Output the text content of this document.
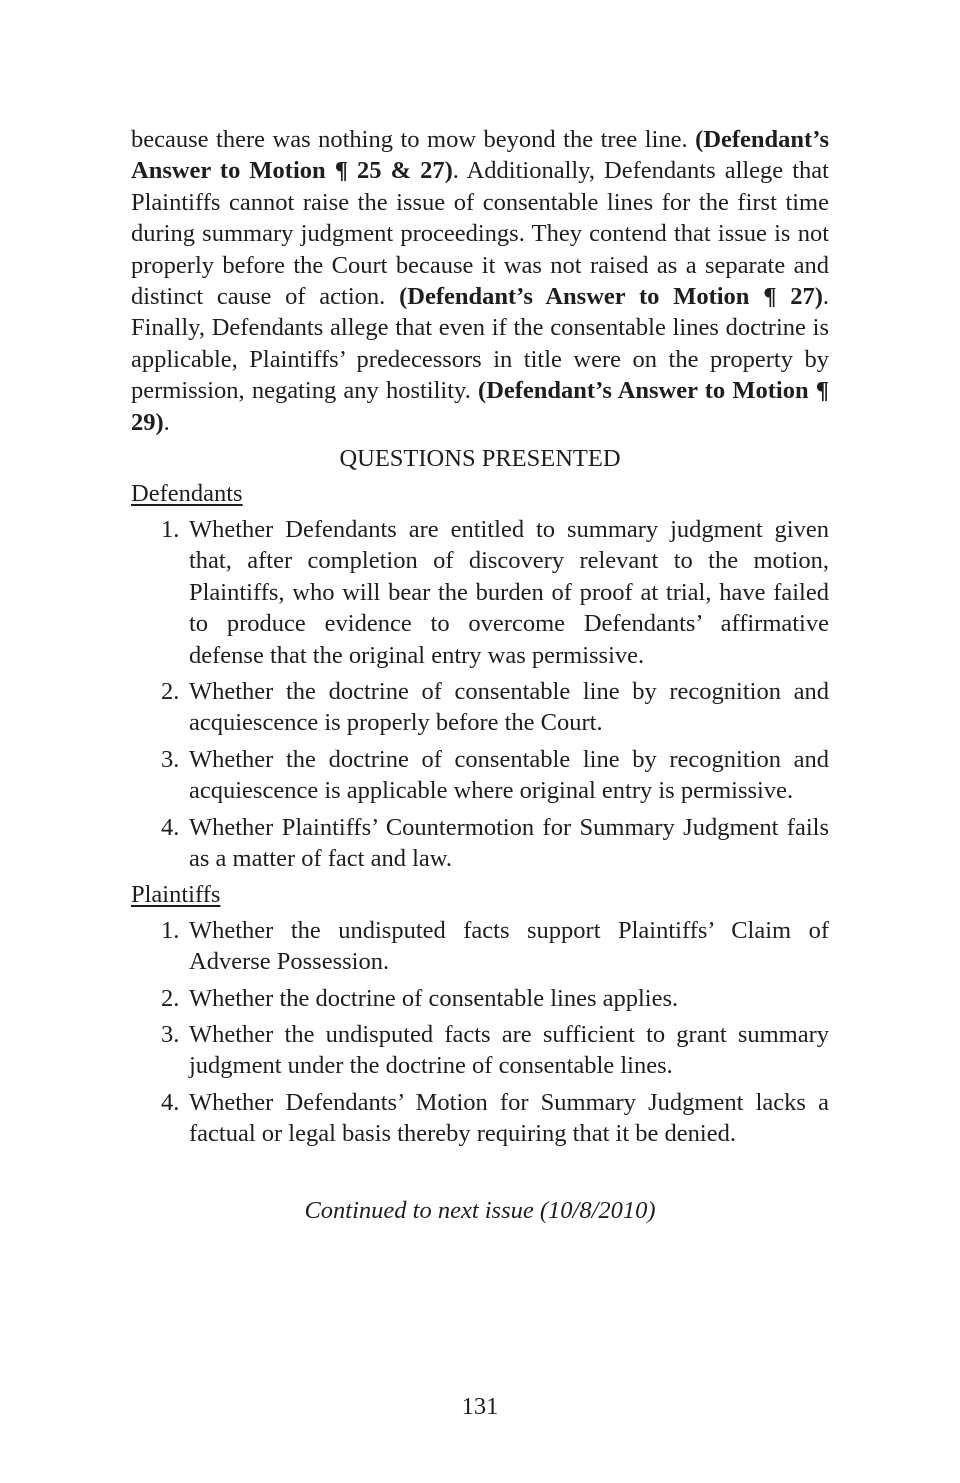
because there was nothing to mow beyond the tree line. (Defendant’s Answer to Motion ¶ 25 & 27). Additionally, Defendants allege that Plaintiffs cannot raise the issue of consentable lines for the first time during summary judgment proceedings. They contend that issue is not properly before the Court because it was not raised as a separate and distinct cause of action. (Defendant’s Answer to Motion ¶ 27). Finally, Defendants allege that even if the consentable lines doctrine is applicable, Plaintiffs’ predecessors in title were on the property by permission, negating any hostility. (Defendant’s Answer to Motion ¶ 29).

QUESTIONS PRESENTED
Defendants
1. Whether Defendants are entitled to summary judgment given that, after completion of discovery relevant to the motion, Plaintiffs, who will bear the burden of proof at trial, have failed to produce evidence to overcome Defendants’ affirmative defense that the original entry was permissive.
2. Whether the doctrine of consentable line by recognition and acquiescence is properly before the Court.
3. Whether the doctrine of consentable line by recognition and acquiescence is applicable where original entry is permissive.
4. Whether Plaintiffs’ Countermotion for Summary Judgment fails as a matter of fact and law.
Plaintiffs
1. Whether the undisputed facts support Plaintiffs’ Claim of Adverse Possession.
2. Whether the doctrine of consentable lines applies.
3. Whether the undisputed facts are sufficient to grant summary judgment under the doctrine of consentable lines.
4. Whether Defendants’ Motion for Summary Judgment lacks a factual or legal basis thereby requiring that it be denied.
Continued to next issue (10/8/2010)
131
